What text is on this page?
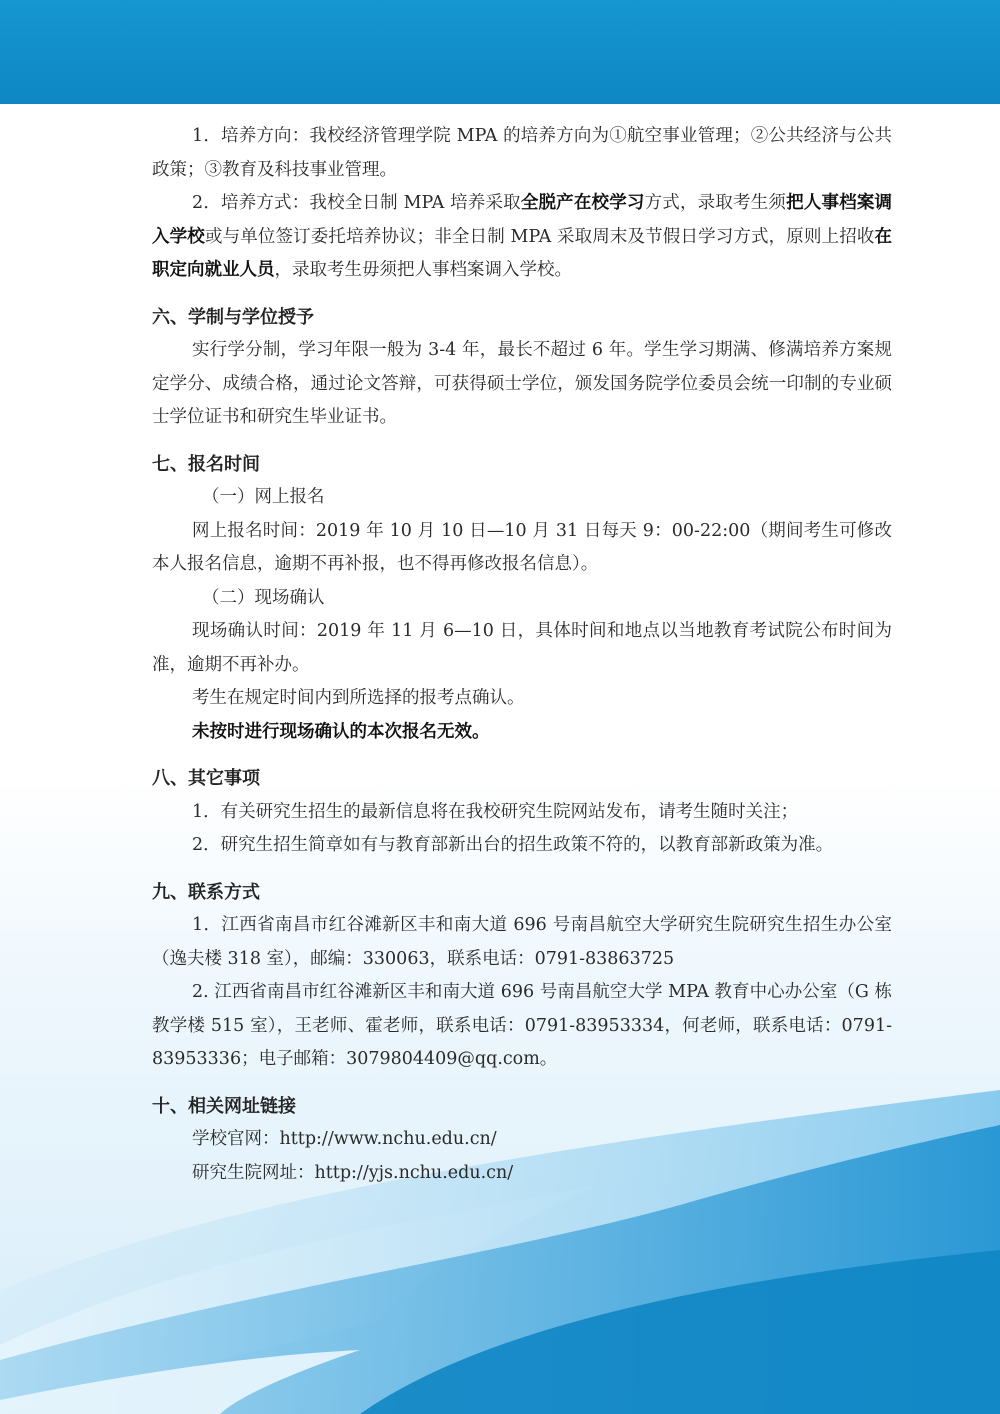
1．培养方向：我校经济管理学院 MPA 的培养方向为①航空事业管理；②公共经济与公共政策；③教育及科技事业管理。

2．培养方式：我校全日制 MPA 培养采取全脱产在校学习方式，录取考生须把人事档案调入学校或与单位签订委托培养协议；非全日制 MPA 采取周末及节假日学习方式，原则上招收在职定向就业人员，录取考生毋须把人事档案调入学校。

六、学制与学位授予

实行学分制，学习年限一般为 3-4 年，最长不超过 6 年。学生学习期满、修满培养方案规定学分、成绩合格，通过论文答辩，可获得硕士学位，颁发国务院学位委员会统一印制的专业硕士学位证书和研究生毕业证书。

七、报名时间

（一）网上报名

网上报名时间：2019 年 10 月 10 日—10 月 31 日每天 9：00-22:00（期间考生可修改本人报名信息，逾期不再补报，也不得再修改报名信息）。

（二）现场确认

现场确认时间：2019 年 11 月 6—10 日，具体时间和地点以当地教育考试院公布时间为准，逾期不再补办。

考生在规定时间内到所选择的报考点确认。

未按时进行现场确认的本次报名无效。

八、其它事项

1．有关研究生招生的最新信息将在我校研究生院网站发布，请考生随时关注；

2．研究生招生简章如有与教育部新出台的招生政策不符的，以教育部新政策为准。

九、联系方式

1．江西省南昌市红谷滩新区丰和南大道 696 号南昌航空大学研究生院研究生招生办公室（逸夫楼 318 室），邮编：330063，联系电话：0791-83863725

2. 江西省南昌市红谷滩新区丰和南大道 696 号南昌航空大学 MPA 教育中心办公室（G 栋教学楼 515 室），王老师、霍老师，联系电话：0791-83953334，何老师，联系电话：0791-83953336；电子邮箱：3079804409@qq.com。

十、相关网址链接

学校官网：http://www.nchu.edu.cn/

研究生院网址：http://yjs.nchu.edu.cn/
